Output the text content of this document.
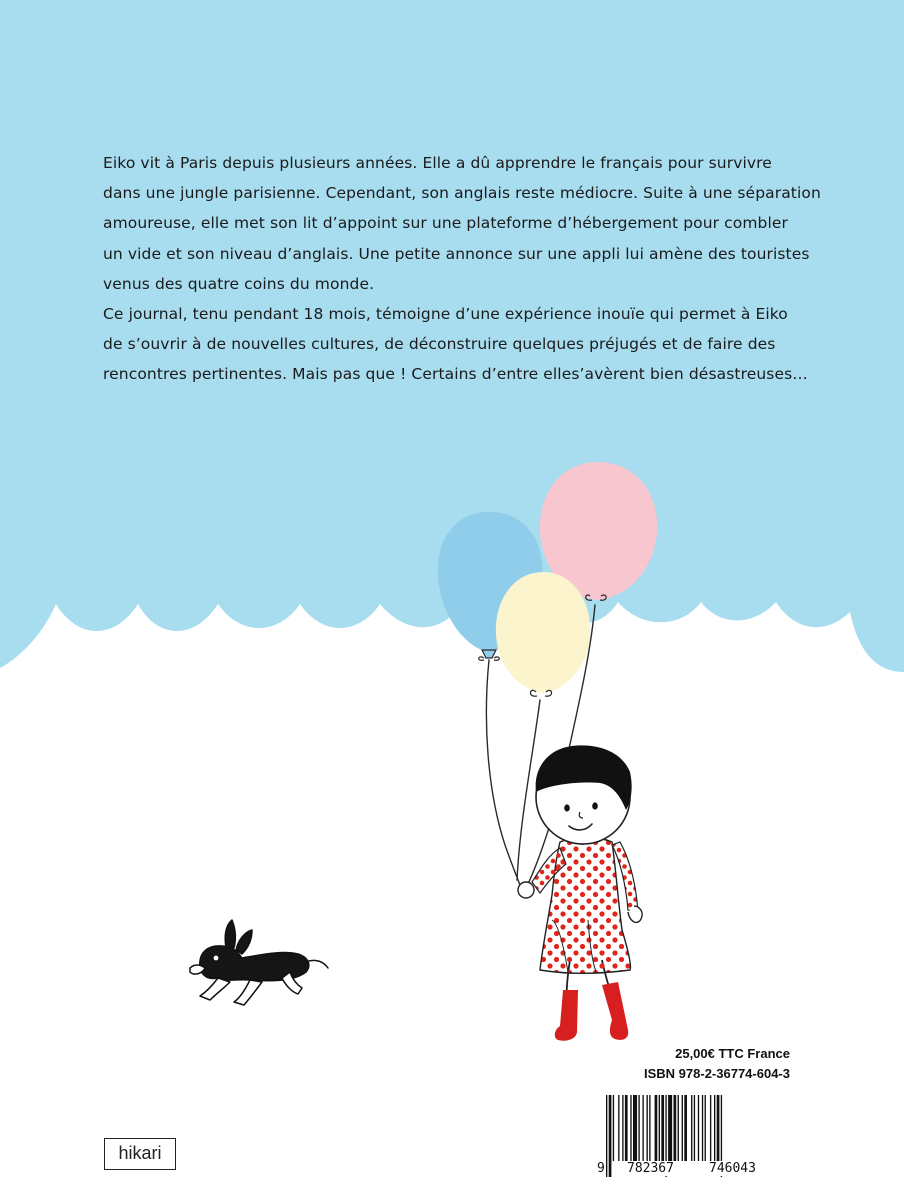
Eiko vit à Paris depuis plusieurs années. Elle a dû apprendre le français pour survivre
dans une jungle parisienne. Cependant, son anglais reste médiocre. Suite à une séparation
amoureuse, elle met son lit d’appoint sur une plateforme d’hébergement pour combler
un vide et son niveau d’anglais. Une petite annonce sur une appli lui amène des touristes
venus des quatre coins du monde.
Ce journal, tenu pendant 18 mois, témoigne d’une expérience inouïe qui permet à Eiko
de s’ouvrir à de nouvelles cultures, de déconstruire quelques préjugés et de faire des
rencontres pertinentes. Mais pas que ! Certains d’entre elles’avèrent bien désastreuses…
25,00€ TTC France
ISBN 978-2-36774-604-3
9 782367	746043
hikari
